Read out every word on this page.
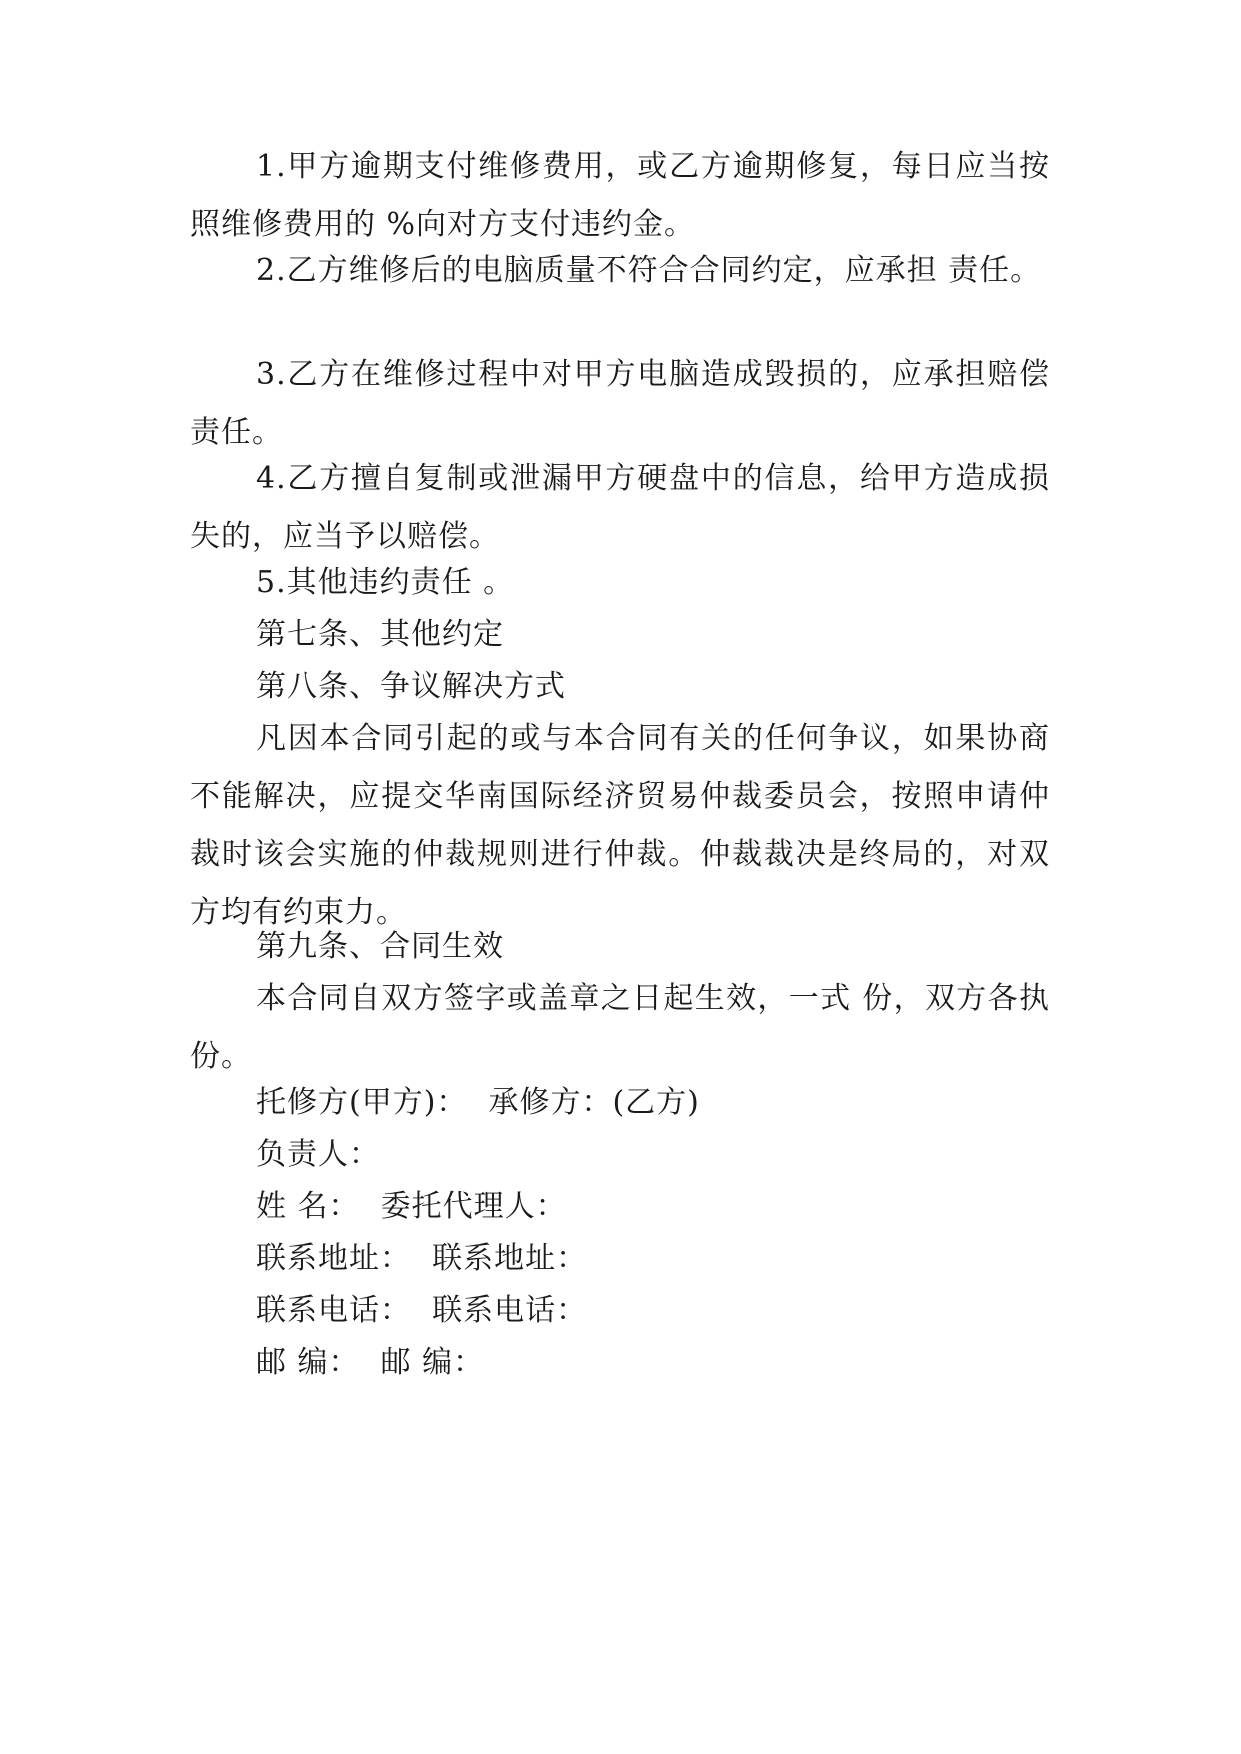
1.甲方逾期支付维修费用，或乙方逾期修复，每日应当按照维修费用的 %向对方支付违约金。

2.乙方维修后的电脑质量不符合合同约定，应承担 责任。

3.乙方在维修过程中对甲方电脑造成毁损的，应承担赔偿责任。

4.乙方擅自复制或泄漏甲方硬盘中的信息，给甲方造成损失的，应当予以赔偿。

5.其他违约责任 。

第七条、其他约定

第八条、争议解决方式

凡因本合同引起的或与本合同有关的任何争议，如果协商不能解决，应提交华南国际经济贸易仲裁委员会，按照申请仲裁时该会实施的仲裁规则进行仲裁。仲裁裁决是终局的，对双方均有约束力。

第九条、合同生效

本合同自双方签字或盖章之日起生效，一式 份，双方各执 份。

托修方(甲方)：  承修方：(乙方)

负责人：

姓 名：  委托代理人：

联系地址：  联系地址：

联系电话：  联系电话：

邮 编：  邮 编：
